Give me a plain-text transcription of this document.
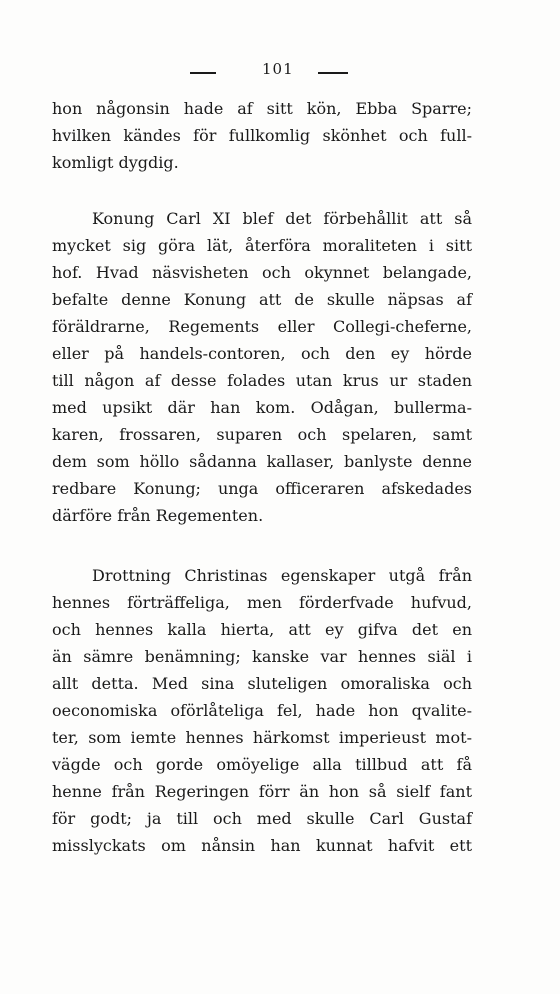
101
hon någonsin hade af sitt kön, Ebba Sparre;
hvilken kändes för fullkomlig skönhet och full-
komligt dygdig.
Konung Carl XI blef det förbehållit att så
mycket sig göra lät, återföra moraliteten i sitt
hof. Hvad näsvisheten och okynnet belangade,
befalte denne Konung att de skulle näpsas af
föräldrarne, Regements eller Collegi-cheferne,
eller på handels-contoren, och den ey hörde
till någon af desse folades utan krus ur staden
med upsikt där han kom. Odågan, bullerma-
karen, frossaren, suparen och spelaren, samt
dem som höllo sådanna kallaser, banlyste denne
redbare Konung; unga officeraren afskedades
därföre från Regementen.
Drottning Christinas egenskaper utgå från
hennes förträffeliga, men förderfvade hufvud,
och hennes kalla hierta, att ey gifva det en
än sämre benämning; kanske var hennes siäl i
allt detta. Med sina sluteligen omoraliska och
oeconomiska oförlåteliga fel, hade hon qvalite-
ter, som iemte hennes härkomst imperieust mot-
vägde och gorde omöyelige alla tillbud att få
henne från Regeringen förr än hon så sielf fant
för godt; ja till och med skulle Carl Gustaf
misslyckats om nånsin han kunnat hafvit ett
